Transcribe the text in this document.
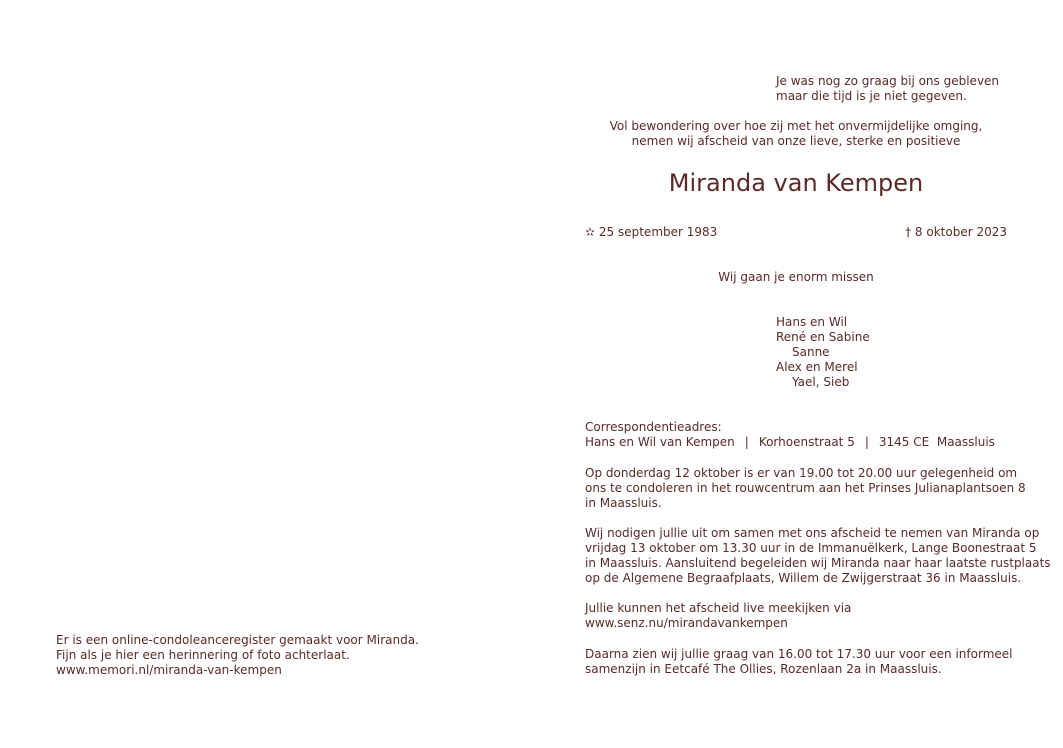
Je was nog zo graag bij ons gebleven
maar die tijd is je niet gegeven.
Vol bewondering over hoe zij met het onvermijdelijke omging,
nemen wij afscheid van onze lieve, sterke en positieve
Miranda van Kempen
✫ 25 september 1983	† 8 oktober 2023
Wij gaan je enorm missen
Hans en Wil
René en Sabine
Sanne
Alex en Merel
Yael, Sieb
Correspondentieadres:
Hans en Wil van Kempen | Korhoenstraat 5 | 3145 CE  Maassluis
Op donderdag 12 oktober is er van 19.00 tot 20.00 uur gelegenheid om
ons te condoleren in het rouwcentrum aan het Prinses Julianaplantsoen 8
in Maassluis.
Wij nodigen jullie uit om samen met ons afscheid te nemen van Miranda op
vrijdag 13 oktober om 13.30 uur in de Immanuëlkerk, Lange Boonestraat 5
in Maassluis. Aansluitend begeleiden wij Miranda naar haar laatste rustplaats
op de Algemene Begraafplaats, Willem de Zwijgerstraat 36 in Maassluis.
Jullie kunnen het afscheid live meekijken via
www.senz.nu/mirandavankempen
Daarna zien wij jullie graag van 16.00 tot 17.30 uur voor een informeel
samenzijn in Eetcafé The Ollies, Rozenlaan 2a in Maassluis.
Er is een online-condoleanceregister gemaakt voor Miranda.
Fijn als je hier een herinnering of foto achterlaat.
www.memori.nl/miranda-van-kempen
